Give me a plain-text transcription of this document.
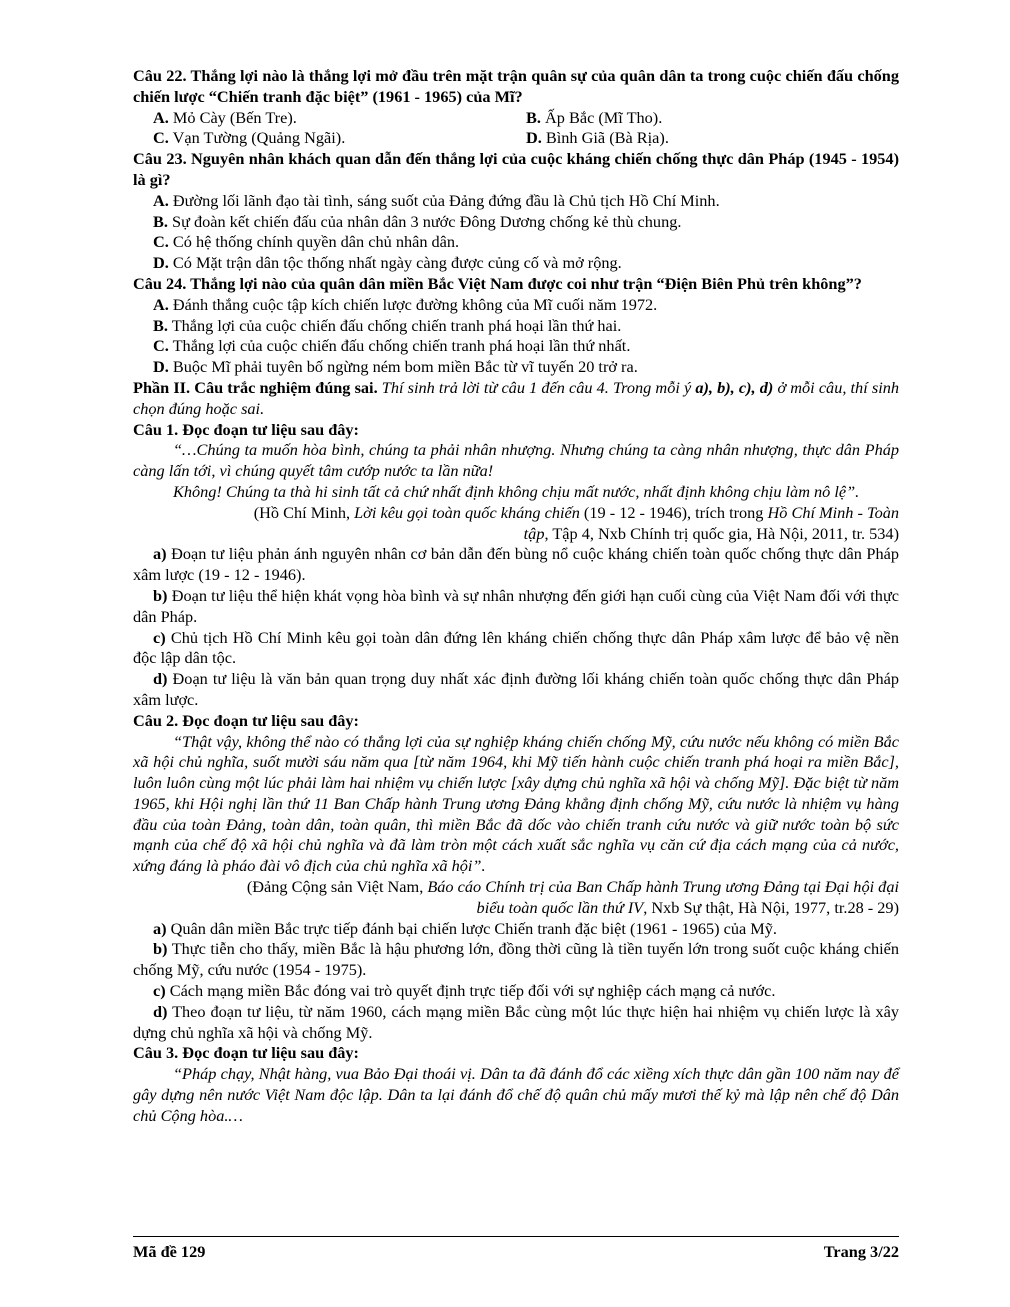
Câu 22. Thắng lợi nào là thắng lợi mở đầu trên mặt trận quân sự của quân dân ta trong cuộc chiến đấu chống chiến lược “Chiến tranh đặc biệt” (1961 - 1965) của Mĩ?

A. Mỏ Cày (Bến Tre).	B. Ấp Bắc (Mĩ Tho).
C. Vạn Tường (Quảng Ngãi).	D. Bình Giã (Bà Rịa).

Câu 23. Nguyên nhân khách quan dẫn đến thắng lợi của cuộc kháng chiến chống thực dân Pháp (1945 - 1954) là gì?

A. Đường lối lãnh đạo tài tình, sáng suốt của Đảng đứng đầu là Chủ tịch Hồ Chí Minh.

B. Sự đoàn kết chiến đấu của nhân dân 3 nước Đông Dương chống kẻ thù chung.

C. Có hệ thống chính quyền dân chủ nhân dân.

D. Có Mặt trận dân tộc thống nhất ngày càng được củng cố và mở rộng.

Câu 24. Thắng lợi nào của quân dân miền Bắc Việt Nam được coi như trận “Điện Biên Phủ trên không”?

A. Đánh thắng cuộc tập kích chiến lược đường không của Mĩ cuối năm 1972.

B. Thắng lợi của cuộc chiến đấu chống chiến tranh phá hoại lần thứ hai.

C. Thắng lợi của cuộc chiến đấu chống chiến tranh phá hoại lần thứ nhất.

D. Buộc Mĩ phải tuyên bố ngừng ném bom miền Bắc từ vĩ tuyến 20 trở ra.

Phần II. Câu trắc nghiệm đúng sai. Thí sinh trả lời từ câu 1 đến câu 4. Trong mỗi ý a), b), c), d) ở mỗi câu, thí sinh chọn đúng hoặc sai.

Câu 1. Đọc đoạn tư liệu sau đây:

“…Chúng ta muốn hòa bình, chúng ta phải nhân nhượng. Nhưng chúng ta càng nhân nhượng, thực dân Pháp càng lấn tới, vì chúng quyết tâm cướp nước ta lần nữa!

Không! Chúng ta thà hi sinh tất cả chứ nhất định không chịu mất nước, nhất định không chịu làm nô lệ”.

(Hồ Chí Minh, Lời kêu gọi toàn quốc kháng chiến (19 - 12 - 1946), trích trong Hồ Chí Minh - Toàn
tập, Tập 4, Nxb Chính trị quốc gia, Hà Nội, 2011, tr. 534)

a) Đoạn tư liệu phản ánh nguyên nhân cơ bản dẫn đến bùng nổ cuộc kháng chiến toàn quốc chống thực dân Pháp xâm lược (19 - 12 - 1946).

b) Đoạn tư liệu thể hiện khát vọng hòa bình và sự nhân nhượng đến giới hạn cuối cùng của Việt Nam đối với thực dân Pháp.

c) Chủ tịch Hồ Chí Minh kêu gọi toàn dân đứng lên kháng chiến chống thực dân Pháp xâm lược để bảo vệ nền độc lập dân tộc.

d) Đoạn tư liệu là văn bản quan trọng duy nhất xác định đường lối kháng chiến toàn quốc chống thực dân Pháp xâm lược.

Câu 2. Đọc đoạn tư liệu sau đây:

“Thật vậy, không thể nào có thắng lợi của sự nghiệp kháng chiến chống Mỹ, cứu nước nếu không có miền Bắc xã hội chủ nghĩa, suốt mười sáu năm qua [từ năm 1964, khi Mỹ tiến hành cuộc chiến tranh phá hoại ra miền Bắc], luôn luôn cùng một lúc phải làm hai nhiệm vụ chiến lược [xây dựng chủ nghĩa xã hội và chống Mỹ]. Đặc biệt từ năm 1965, khi Hội nghị lần thứ 11 Ban Chấp hành Trung ương Đảng khẳng định chống Mỹ, cứu nước là nhiệm vụ hàng đầu của toàn Đảng, toàn dân, toàn quân, thì miền Bắc đã dốc vào chiến tranh cứu nước và giữ nước toàn bộ sức mạnh của chế độ xã hội chủ nghĩa và đã làm tròn một cách xuất sắc nghĩa vụ căn cứ địa cách mạng của cả nước, xứng đáng là pháo đài vô địch của chủ nghĩa xã hội”.

(Đảng Cộng sản Việt Nam, Báo cáo Chính trị của Ban Chấp hành Trung ương Đảng tại Đại hội đại
biểu toàn quốc lần thứ IV, Nxb Sự thật, Hà Nội, 1977, tr.28 - 29)

a) Quân dân miền Bắc trực tiếp đánh bại chiến lược Chiến tranh đặc biệt (1961 - 1965) của Mỹ.

b) Thực tiễn cho thấy, miền Bắc là hậu phương lớn, đồng thời cũng là tiền tuyến lớn trong suốt cuộc kháng chiến chống Mỹ, cứu nước (1954 - 1975).

c) Cách mạng miền Bắc đóng vai trò quyết định trực tiếp đối với sự nghiệp cách mạng cả nước.

d) Theo đoạn tư liệu, từ năm 1960, cách mạng miền Bắc cùng một lúc thực hiện hai nhiệm vụ chiến lược là xây dựng chủ nghĩa xã hội và chống Mỹ.

Câu 3. Đọc đoạn tư liệu sau đây:

“Pháp chạy, Nhật hàng, vua Bảo Đại thoái vị. Dân ta đã đánh đổ các xiềng xích thực dân gần 100 năm nay để gây dựng nên nước Việt Nam độc lập. Dân ta lại đánh đổ chế độ quân chủ mấy mươi thế kỷ mà lập nên chế độ Dân chủ Cộng hòa.…

Mã đề 129	Trang 3/22
